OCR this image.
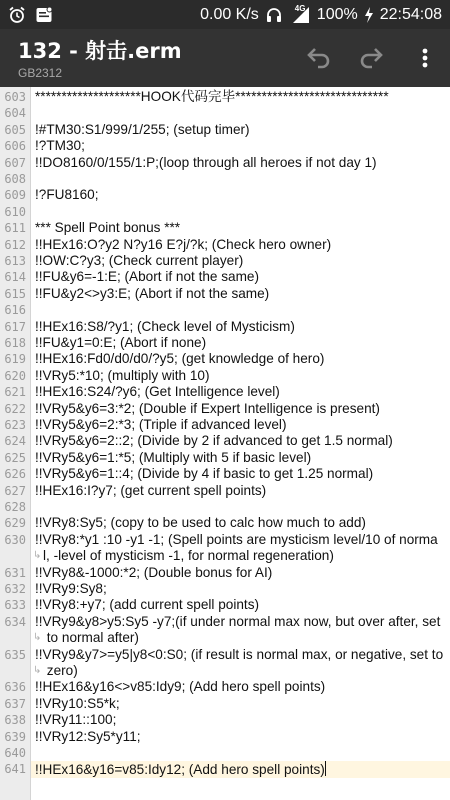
0.00 K/s	4G 100% 22:54:08
132 - 射击.erm
GB2312
603 ********************HOOK代码完毕*****************************
604
605 !#TM30:S1/999/1/255; (setup timer)
606 !?TM30;
607 !!DO8160/0/155/1:P;(loop through all heroes if not day 1)
608
609 !?FU8160;
610
611 *** Spell Point bonus ***
612 !!HEx16:O?y2 N?y16 E?j/?k; (Check hero owner)
613 !!OW:C?y3; (Check current player)
614 !!FU&y6=-1:E; (Abort if not the same)
615 !!FU&y2<>y3:E; (Abort if not the same)
616
617 !!HEx16:S8/?y1; (Check level of Mysticism)
618 !!FU&y1=0:E; (Abort if none)
619 !!HEx16:Fd0/d0/d0/?y5; (get knowledge of hero)
620 !!VRy5:*10; (multiply with 10)
621 !!HEx16:S24/?y6; (Get Intelligence level)
622 !!VRy5&y6=3:*2; (Double if Expert Intelligence is present)
623 !!VRy5&y6=2:*3; (Triple if advanced level)
624 !!VRy5&y6=2::2; (Divide by 2 if advanced to get 1.5 normal)
625 !!VRy5&y6=1:*5; (Multiply with 5 if basic level)
626 !!VRy5&y6=1::4; (Divide by 4 if basic to get 1.25 normal)
627 !!HEx16:I?y7; (get current spell points)
628
629 !!VRy8:Sy5; (copy to be used to calc how much to add)
630 !!VRy8:*y1 :10 -y1 -1; (Spell points are mysticism level/10 of norma
↳ l, -level of mysticism -1, for normal regeneration)
631 !!VRy8&-1000:*2; (Double bonus for AI)
632 !!VRy9:Sy8;
633 !!VRy8:+y7; (add current spell points)
634 !!VRy9&y8>y5:Sy5 -y7;(if under normal max now, but over after, set
↳ to normal after)
635 !!VRy9&y7>=y5|y8<0:S0; (if result is normal max, or negative, set to
↳ zero)
636 !!HEx16&y16<>v85:Idy9; (Add hero spell points)
637 !!VRy10:S5*k;
638 !!VRy11::100;
639 !!VRy12:Sy5*y11;
640
641 !!HEx16&y16=v85:Idy12; (Add hero spell points)
